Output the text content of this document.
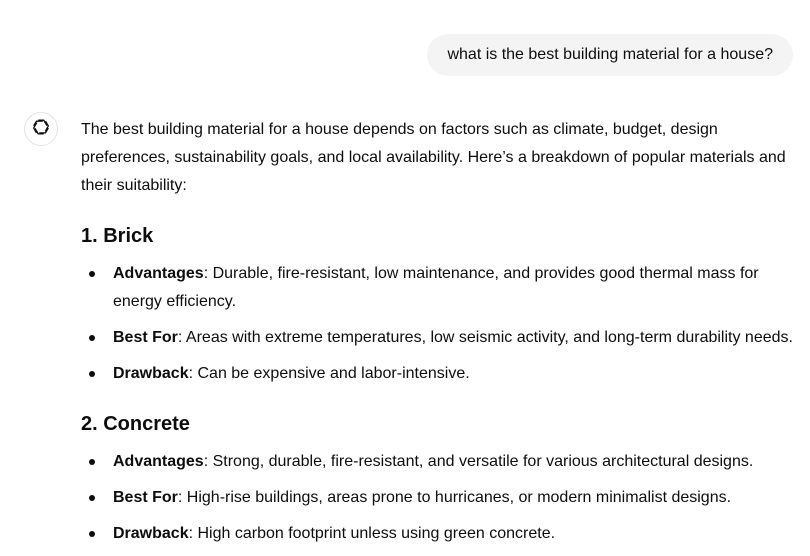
what is the best building material for a house?

The best building material for a house depends on factors such as climate, budget, design preferences, sustainability goals, and local availability. Here’s a breakdown of popular materials and their suitability:

1. Brick
Advantages: Durable, fire-resistant, low maintenance, and provides good thermal mass for energy efficiency.
Best For: Areas with extreme temperatures, low seismic activity, and long-term durability needs.
Drawback: Can be expensive and labor-intensive.
2. Concrete
Advantages: Strong, durable, fire-resistant, and versatile for various architectural designs.
Best For: High-rise buildings, areas prone to hurricanes, or modern minimalist designs.
Drawback: High carbon footprint unless using green concrete.
